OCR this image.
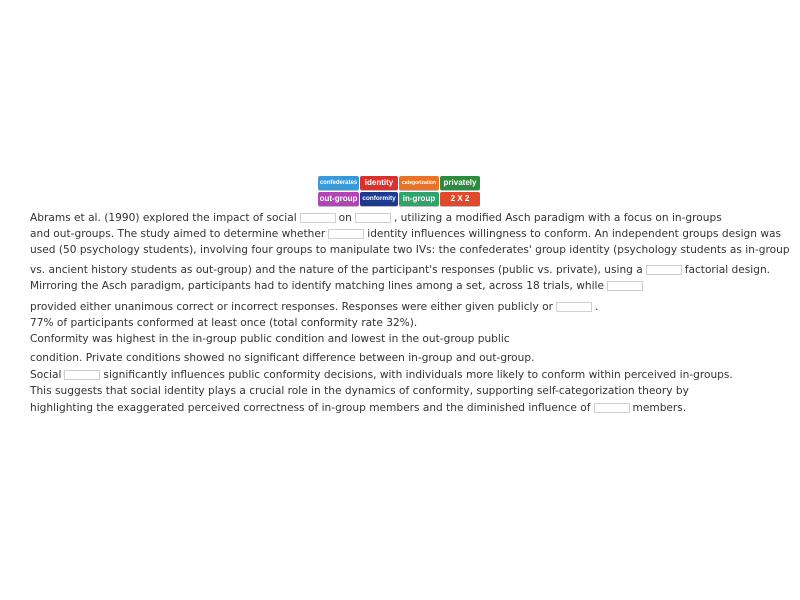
confederates identity	categorization privately
out-group conformity in-group	2 X 2
Abrams et al. (1990) explored the impact of social	on	, utilizing a modified Asch paradigm with a focus on in-groups
and out-groups. The study aimed to determine whether	identity influences willingness to conform. An independent groups design was
used (50 psychology students), involving four groups to manipulate two IVs: the confederates' group identity (psychology students as in-group
vs. ancient history students as out-group) and the nature of the participant's responses (public vs. private), using a	factorial design.
Mirroring the Asch paradigm, participants had to identify matching lines among a set, across 18 trials, while
provided either unanimous correct or incorrect responses. Responses were either given publicly or	.
77% of participants conformed at least once (total conformity rate 32%).
Conformity was highest in the in-group public condition and lowest in the out-group public
condition. Private conditions showed no significant difference between in-group and out-group.
Social	significantly influences public conformity decisions, with individuals more likely to conform within perceived in-groups.
This suggests that social identity plays a crucial role in the dynamics of conformity, supporting self-categorization theory by
highlighting the exaggerated perceived correctness of in-group members and the diminished influence of	members.
